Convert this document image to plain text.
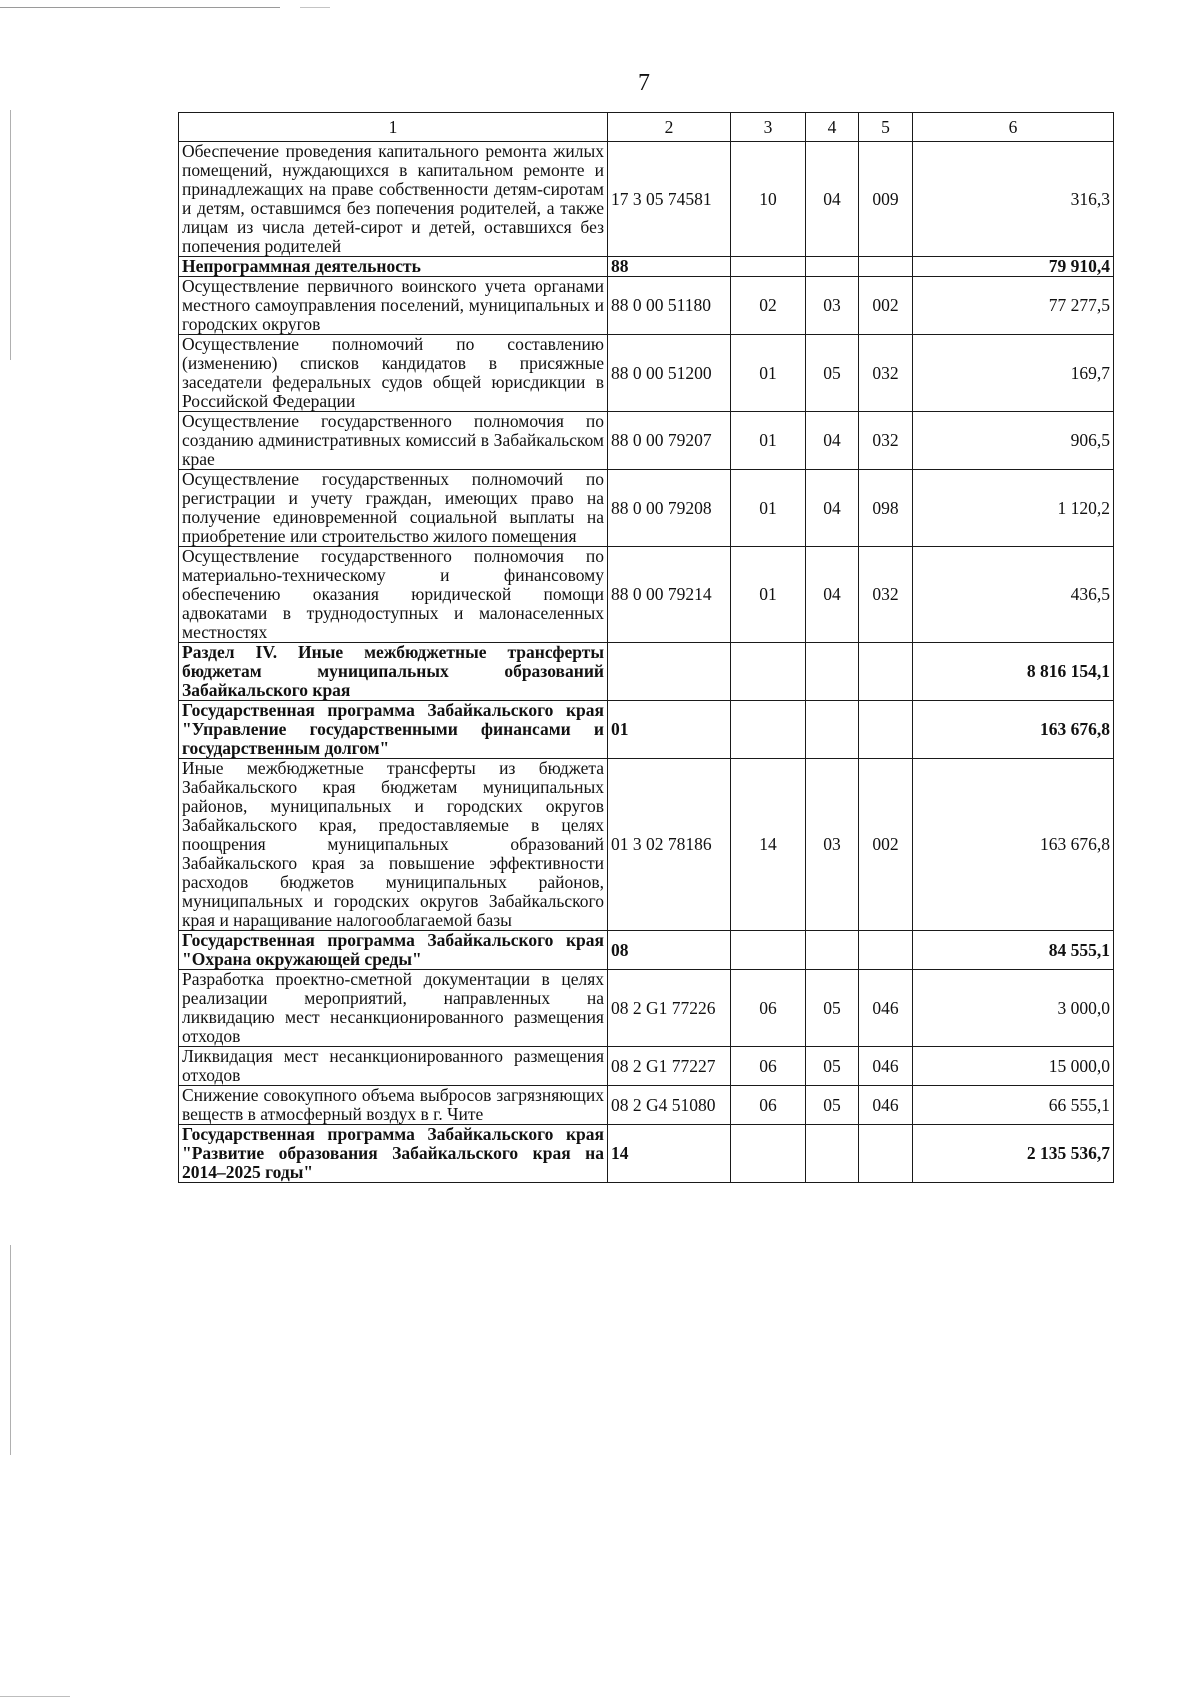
7
1	2	3	4	5	6
Обеспечение проведения капитального ремонта жилых помещений, нуждающихся в капитальном ремонте и принадлежащих на праве собственности детям-сиротам и детям, оставшимся без попечения родителей, а также лицам из числа детей-сирот и детей, оставшихся без попечения родителей	17 3 05 74581	10	04	009	316,3
Непрограммная деятельность	88				79 910,4
Осуществление первичного воинского учета органами местного самоуправления поселений, муниципальных и городских округов	88 0 00 51180	02	03	002	77 277,5
Осуществление полномочий по составлению (изменению) списков кандидатов в присяжные заседатели федеральных судов общей юрисдикции в Российской Федерации	88 0 00 51200	01	05	032	169,7
Осуществление государственного полномочия по созданию административных комиссий в Забайкальском крае	88 0 00 79207	01	04	032	906,5
Осуществление государственных полномочий по регистрации и учету граждан, имеющих право на получение единовременной социальной выплаты на приобретение или строительство жилого помещения	88 0 00 79208	01	04	098	1 120,2
Осуществление государственного полномочия по материально-техническому и финансовому обеспечению оказания юридической помощи адвокатами в труднодоступных и малонаселенных местностях	88 0 00 79214	01	04	032	436,5
Раздел IV. Иные межбюджетные трансферты бюджетам муниципальных образований Забайкальского края					8 816 154,1
Государственная программа Забайкальского края "Управление государственными финансами и государственным долгом"	01				163 676,8
Иные межбюджетные трансферты из бюджета Забайкальского края бюджетам муниципальных районов, муниципальных и городских округов Забайкальского края, предоставляемые в целях поощрения муниципальных образований Забайкальского края за повышение эффективности расходов бюджетов муниципальных районов, муниципальных и городских округов Забайкальского края и наращивание налогооблагаемой базы	01 3 02 78186	14	03	002	163 676,8
Государственная программа Забайкальского края "Охрана окружающей среды"	08				84 555,1
Разработка проектно-сметной документации в целях реализации мероприятий, направленных на ликвидацию мест несанкционированного размещения отходов	08 2 G1 77226	06	05	046	3 000,0
Ликвидация мест несанкционированного размещения отходов	08 2 G1 77227	06	05	046	15 000,0
Снижение совокупного объема выбросов загрязняющих веществ в атмосферный воздух в г. Чите	08 2 G4 51080	06	05	046	66 555,1
Государственная программа Забайкальского края "Развитие образования Забайкальского края на 2014–2025 годы"	14				2 135 536,7
